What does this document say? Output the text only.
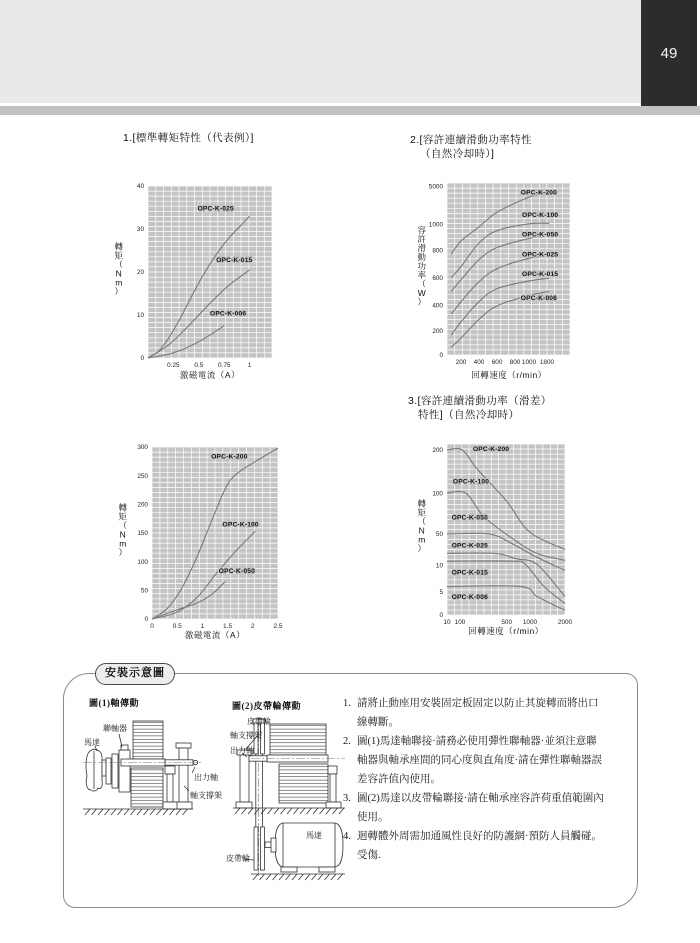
49
安裝示意圖
圖(1)軸傳動
聯軸器
馬達
出力軸
軸支撐架
圖(2)皮帶輪傳動
皮帶輪
軸支撐架
出力軸
馬達
皮帶輪
1. 請將止動座用安裝固定板固定以防止其旋轉而將出口
線轉斷。
2. 圖(1)馬達軸聯接·請務必使用彈性聯軸器·並須注意聯
軸器與軸承座間的同心度與直角度·請在彈性聯軸器誤
差容許值內使用。
3. 圖(2)馬達以皮帶輪聯接·請在軸承座容許荷重值範圍內
使用。
4. 迴轉體外周需加通風性良好的防護網·預防人員觸碰。
受傷.
0
10
20
30
40
0.25 0.5 0.75	1
OPC-K-025
OPC-K-015
OPC-K-006
1.[標準轉矩特性（代表例）]
激磁電流（A）
轉矩（ N m ）
0
200
400
600
800
1000
5000
200 400 600 800 1000 1800
OPC-K-200
OPC-K-100
OPC-K-050
OPC-K-025
OPC-K-015
OPC-K-006
2.[容許連續滑動功率特性
（自然冷却時）]
回轉速度（r/min）
容許滑動功率（ W ）
0
50
100
150
200
250
300
0	0.5	1	1.5	2	2.5
OPC-K-200
OPC-K-100
OPC-K-050
激磁電流（A）
轉矩（ N m ）
0
5
10
50
100
200
10 100	500 1000	2000
OPC-K-200
OPC-K-100
OPC-K-050
OPC-K-025
OPC-K-015
OPC-K-006
3.[容許連續滑動功率（滑差）
特性]（自然冷却時）
回轉速度（r/min）
轉矩（ N m ）
